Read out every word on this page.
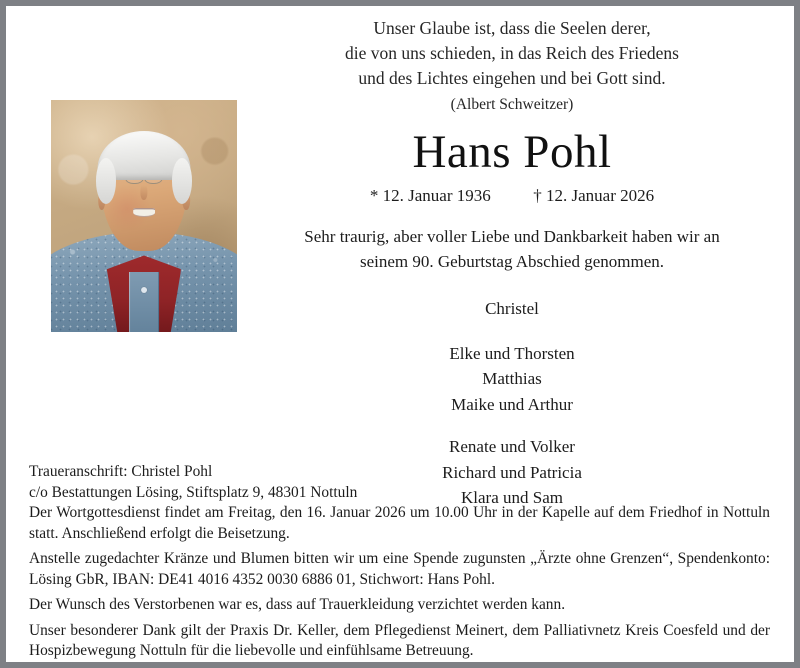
Unser Glaube ist, dass die Seelen derer,
die von uns schieden, in das Reich des Friedens
und des Lichtes eingehen und bei Gott sind.
(Albert Schweitzer)
Hans Pohl
* 12. Januar 1936	† 12. Januar 2026
Sehr traurig, aber voller Liebe und Dankbarkeit haben wir an
seinem 90. Geburtstag Abschied genommen.
Christel
Elke und Thorsten
Matthias
Maike und Arthur
Renate und Volker
Richard und Patricia
Klara und Sam

Traueranschrift: Christel Pohl

c/o Bestattungen Lösing, Stiftsplatz 9, 48301 Nottuln

Der Wortgottesdienst findet am Freitag, den 16. Januar 2026 um 10.00 Uhr in der Kapelle auf dem Friedhof in Nottuln statt. Anschließend erfolgt die Beisetzung.

Anstelle zugedachter Kränze und Blumen bitten wir um eine Spende zugunsten „Ärzte ohne Grenzen“, Spendenkonto: Lösing GbR, IBAN: DE41 4016 4352 0030 6886 01, Stichwort: Hans Pohl.

Der Wunsch des Verstorbenen war es, dass auf Trauerkleidung verzichtet werden kann.

Unser besonderer Dank gilt der Praxis Dr. Keller, dem Pflegedienst Meinert, dem Palliativnetz Kreis Coesfeld und der Hospizbewegung Nottuln für die liebevolle und einfühlsame Betreuung.
